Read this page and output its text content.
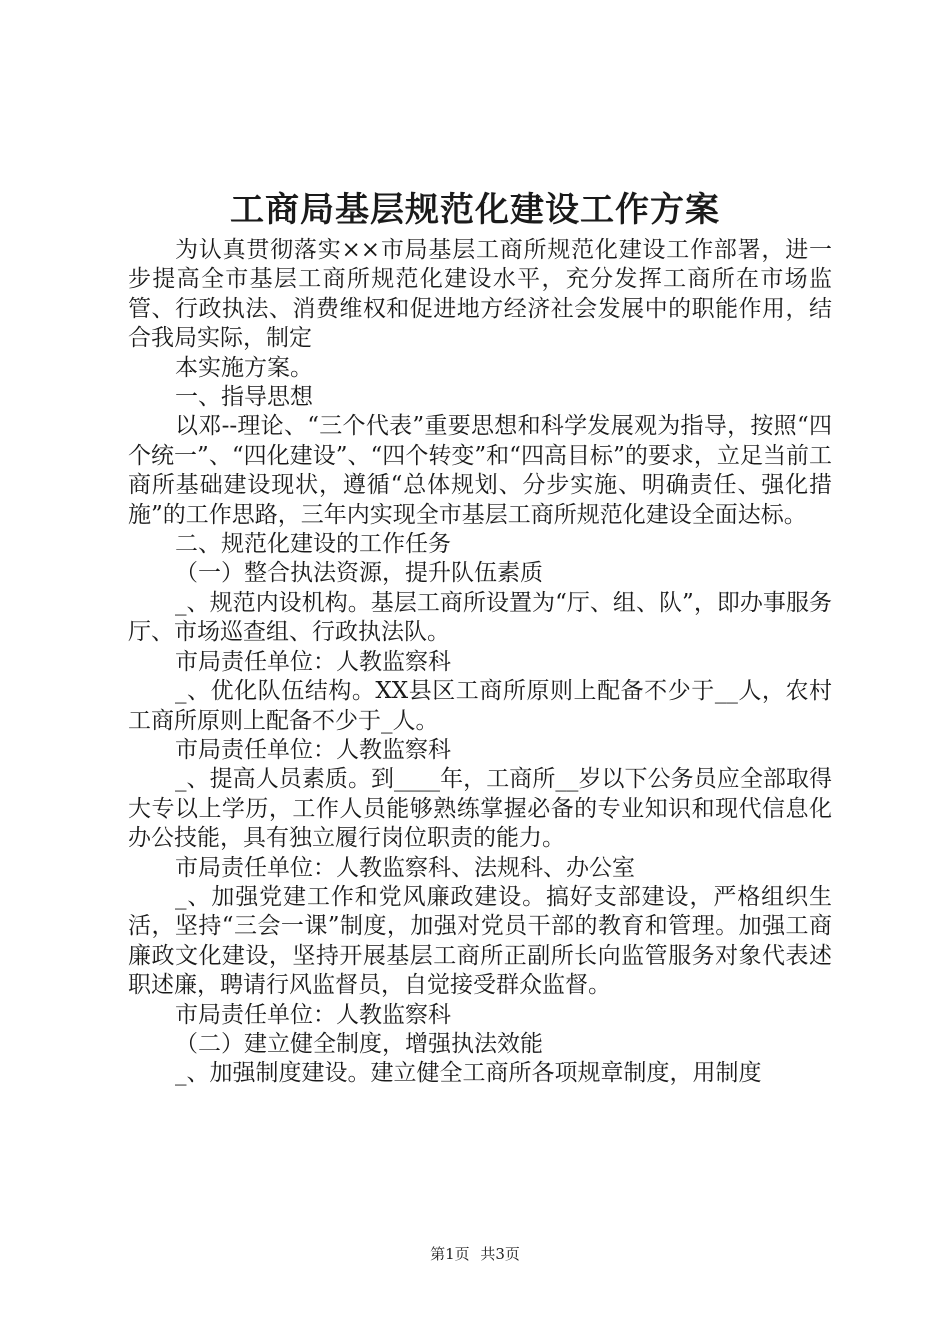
工商局基层规范化建设工作方案

为认真贯彻落实××市局基层工商所规范化建设工作部署，进一步提高全市基层工商所规范化建设水平，充分发挥工商所在市场监管、行政执法、消费维权和促进地方经济社会发展中的职能作用，结合我局实际，制定

本实施方案。

一、指导思想

以邓--理论、“三个代表”重要思想和科学发展观为指导，按照“四个统一”、“四化建设”、“四个转变”和“四高目标”的要求，立足当前工商所基础建设现状，遵循“总体规划、分步实施、明确责任、强化措施”的工作思路，三年内实现全市基层工商所规范化建设全面达标。

二、规范化建设的工作任务

（一）整合执法资源，提升队伍素质

_、规范内设机构。基层工商所设置为“厅、组、队”，即办事服务厅、市场巡查组、行政执法队。

市局责任单位：人教监察科

_、优化队伍结构。XX县区工商所原则上配备不少于__人，农村工商所原则上配备不少于_人。

市局责任单位：人教监察科

_、提高人员素质。到____年，工商所__岁以下公务员应全部取得大专以上学历，工作人员能够熟练掌握必备的专业知识和现代信息化办公技能，具有独立履行岗位职责的能力。

市局责任单位：人教监察科、法规科、办公室

_、加强党建工作和党风廉政建设。搞好支部建设，严格组织生活，坚持“三会一课”制度，加强对党员干部的教育和管理。加强工商廉政文化建设，坚持开展基层工商所正副所长向监管服务对象代表述职述廉，聘请行风监督员，自觉接受群众监督。

市局责任单位：人教监察科

（二）建立健全制度，增强执法效能

_、加强制度建设。建立健全工商所各项规章制度，用制度

第1页 共3页
